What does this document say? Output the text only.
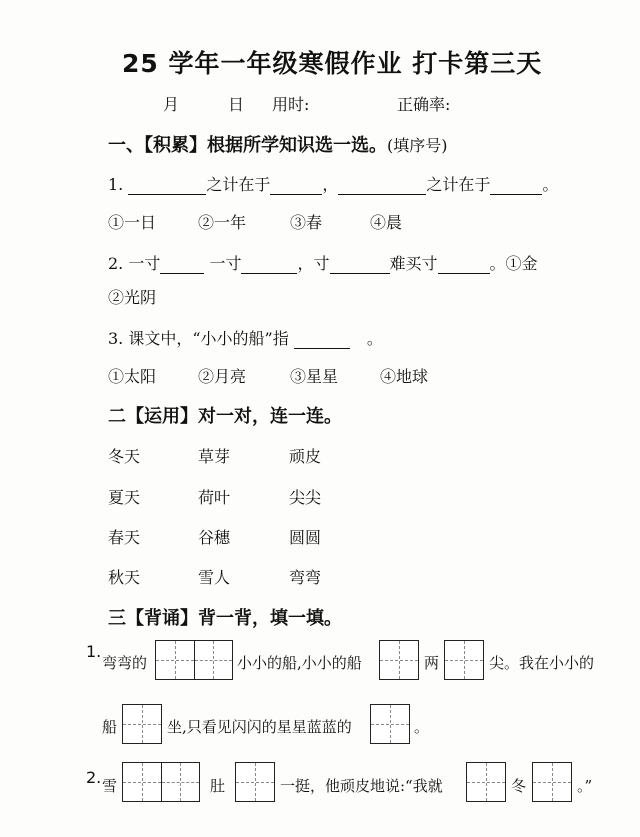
25 学年一年级寒假作业 打卡第三天
月	日 用时:	正确率:
一、【积累】根据所学知识选一选。(填序号)
1.	之计在于	，	之计在于	。
①一日	②一年	③春	④晨
2. 一寸	一寸	，寸	难买寸	。①金
②光阴
3. 课文中，“小小的船”指	。
①太阳	②月亮	③星星	④地球
二【运用】对一对，连一连。
冬天	草芽	顽皮
夏天	荷叶	尖尖
春天	谷穗	圆圆
秋天	雪人	弯弯
三【背诵】背一背，填一填。
1.
弯弯的	小小的船,小小的船	两	尖。我在小小的
船	坐,只看见闪闪的星星蓝蓝的	。
2. 雪	肚	一挺，他顽皮地说:“我就	冬	。”
